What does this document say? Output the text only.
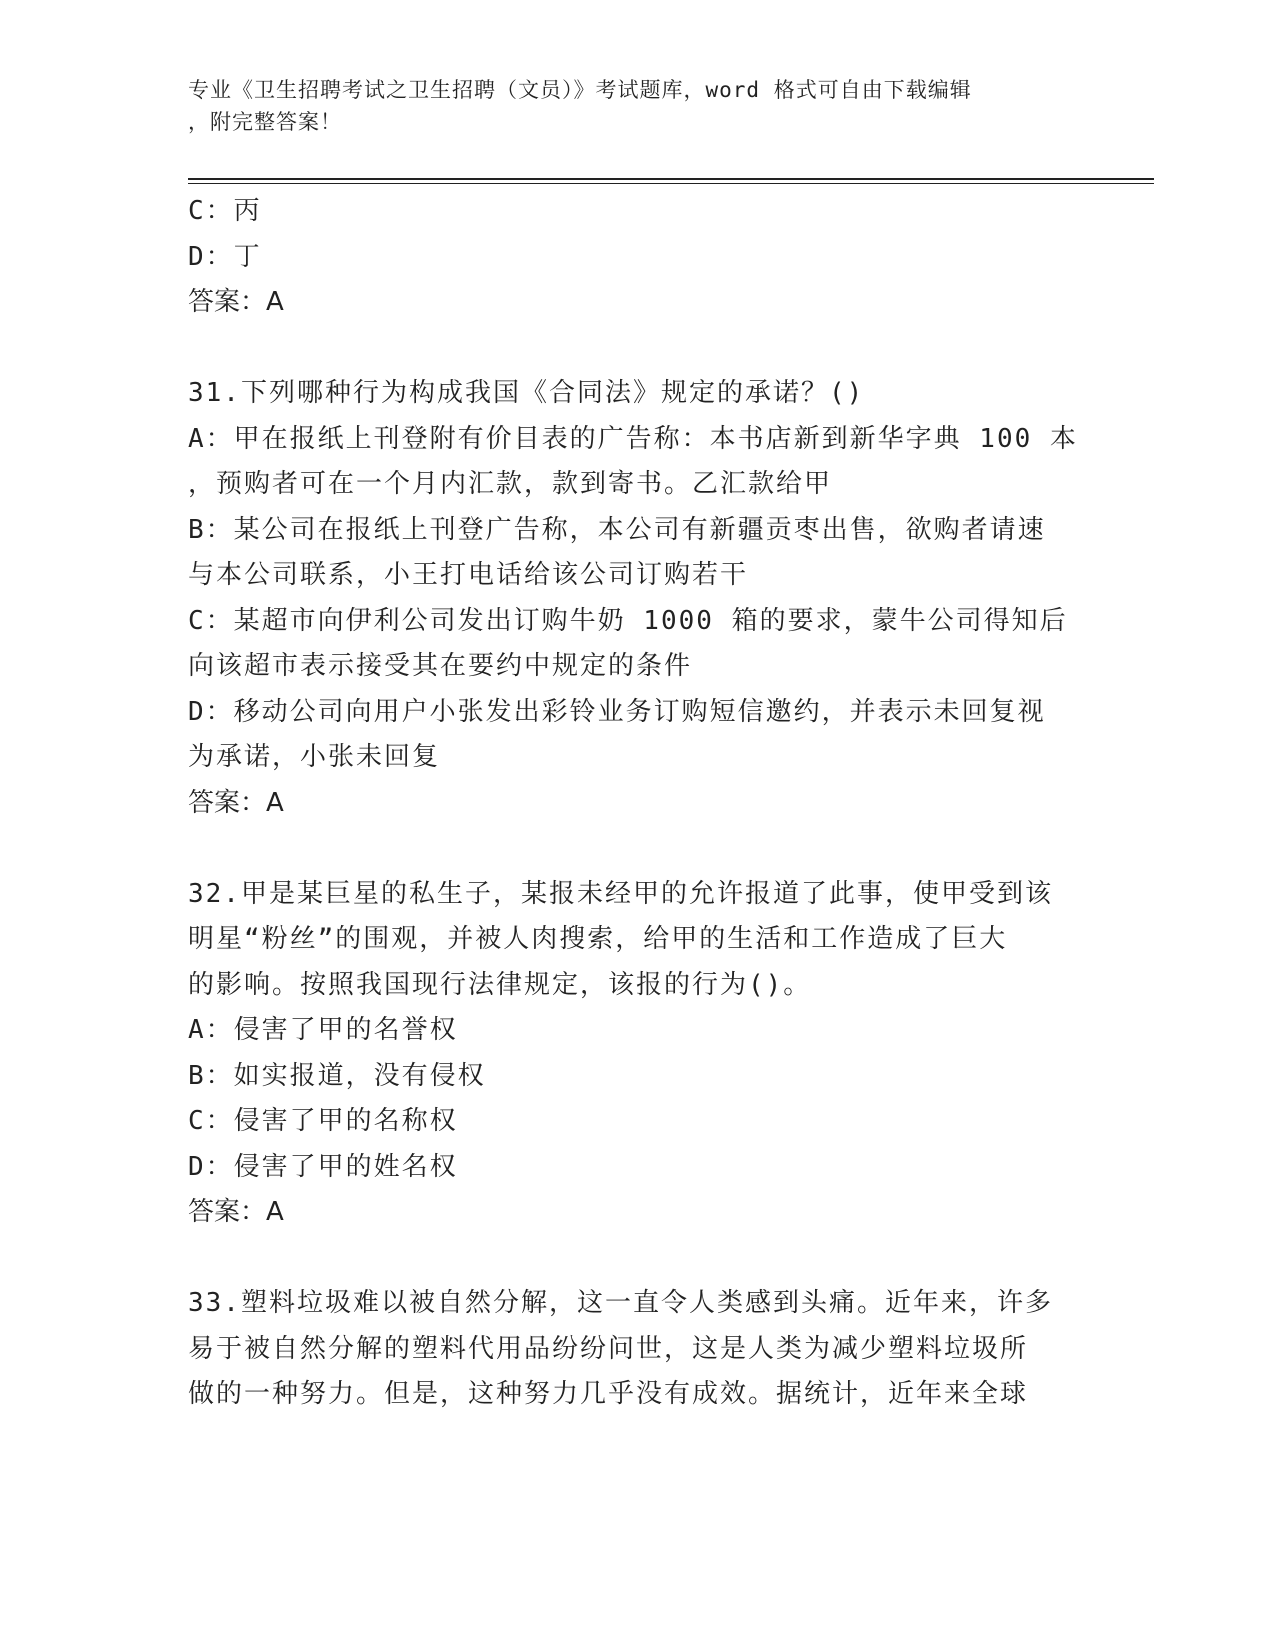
专业《卫生招聘考试之卫生招聘（文员）》考试题库，word 格式可自由下载编辑
，附完整答案！

C：丙

D：丁

答案：A

31.下列哪种行为构成我国《合同法》规定的承诺？()

A：甲在报纸上刊登附有价目表的广告称：本书店新到新华字典 100 本

，预购者可在一个月内汇款，款到寄书。乙汇款给甲

B：某公司在报纸上刊登广告称，本公司有新疆贡枣出售，欲购者请速

与本公司联系，小王打电话给该公司订购若干

C：某超市向伊利公司发出订购牛奶 1000 箱的要求，蒙牛公司得知后

向该超市表示接受其在要约中规定的条件

D：移动公司向用户小张发出彩铃业务订购短信邀约，并表示未回复视

为承诺，小张未回复

答案：A

32.甲是某巨星的私生子，某报未经甲的允许报道了此事，使甲受到该

明星“粉丝”的围观，并被人肉搜索，给甲的生活和工作造成了巨大

的影响。按照我国现行法律规定，该报的行为()。

A：侵害了甲的名誉权

B：如实报道，没有侵权

C：侵害了甲的名称权

D：侵害了甲的姓名权

答案：A

33.塑料垃圾难以被自然分解，这一直令人类感到头痛。近年来，许多

易于被自然分解的塑料代用品纷纷问世，这是人类为减少塑料垃圾所

做的一种努力。但是，这种努力几乎没有成效。据统计，近年来全球
